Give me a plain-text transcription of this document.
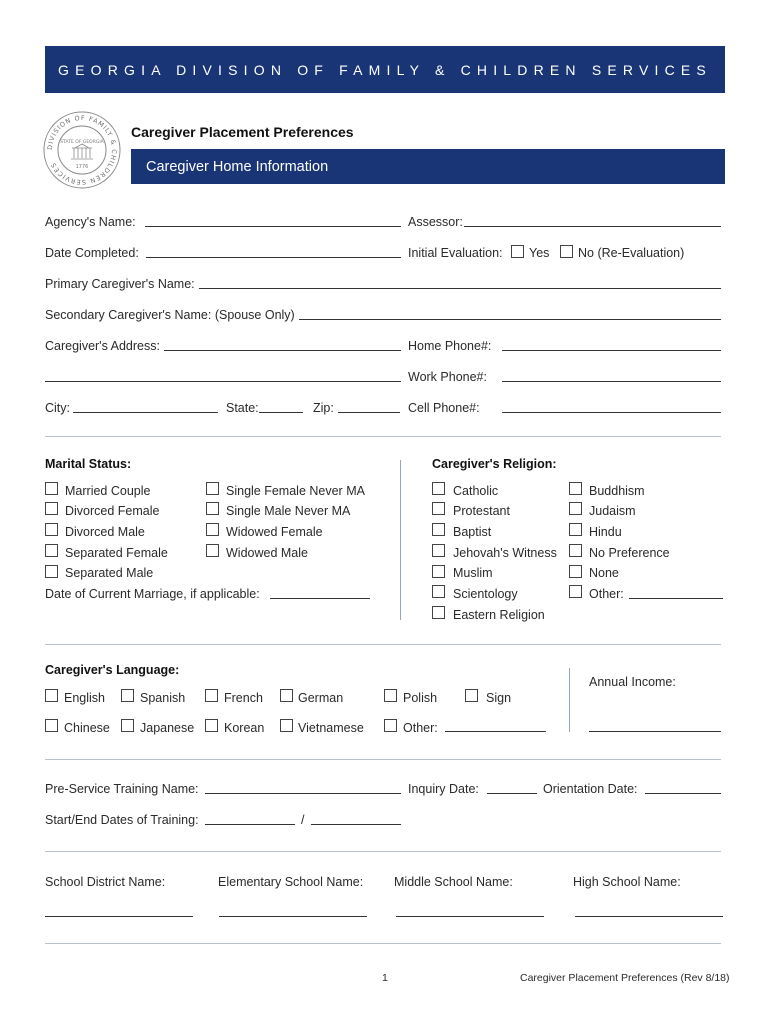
GEORGIA DIVISION OF FAMILY & CHILDREN SERVICES
DIVISION OF FAMILY & CHILDREN SERVICES
STATE OF GEORGIA
1776
Caregiver Placement Preferences
Caregiver Home Information
Agency's Name:	Assessor:
Date Completed:	Initial Evaluation: Yes No (Re-Evaluation)
Primary Caregiver's Name:
Secondary Caregiver's Name: (Spouse Only)
Caregiver's Address:	Home Phone#:
Work Phone#:
City:	State:	Zip:	Cell Phone#:
Marital Status:
Married Couple
Divorced Female
Divorced Male
Separated Female
Separated Male
Single Female Never MA
Single Male Never MA
Widowed Female
Widowed Male
Date of Current Marriage, if applicable:
Caregiver's Religion:
Catholic
Protestant
Baptist
Jehovah's Witness
Muslim
Scientology
Eastern Religion
Buddhism
Judaism
Hindu
No Preference
None
Other:
Caregiver's Language:
English	Spanish	French	German	Polish	Sign
Chinese Japanese Korean	Vietnamese	Other:
Annual Income:
Pre-Service Training Name:	Inquiry Date:	Orientation Date:
Start/End Dates of Training:	/
School District Name:	Elementary School Name: Middle School Name:	High School Name:
1	Caregiver Placement Preferences (Rev 8/18)
